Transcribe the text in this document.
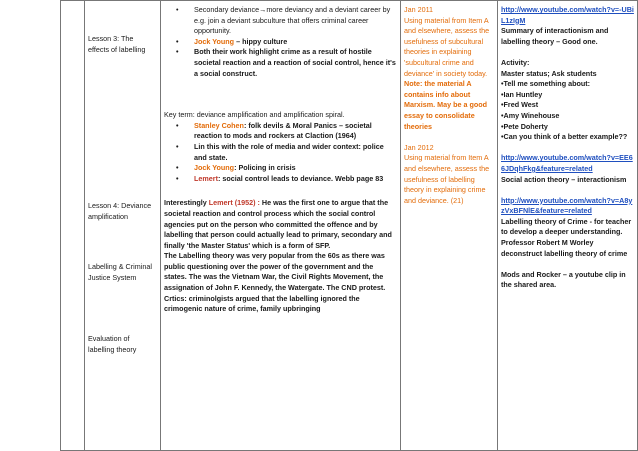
Lesson 3: The effects of labelling
Lesson 4: Deviance amplification
Labelling & Criminal Justice System
Evaluation of labelling theory
• Secondary deviance→more deviancy and a deviant career by e.g. join a deviant subculture that offers criminal career opportunity.
• Jock Young – hippy culture
• Both their work highlight crime as a result of hostile societal reaction and a reaction of social control, hence it's a social construct.

Key term: deviance amplification and amplification spiral.

• Stanley Cohen: folk devils & Moral Panics – societal reaction to mods and rockers at Claction (1964)
• Lin this with the role of media and wider context: police and state.
• Jock Young: Policing in crisis
• Lemert: social control leads to deviance. Webb page 83

Interestingly Lemert (1952) : He was the first one to argue that the societal reaction and control process which the social control agencies put on the person who committed the offence and by labelling that person could actually lead to primary, secondary and finally 'the Master Status' which is a form of SFP.

The Labelling theory was very popular from the 60s as there was public questioning over the power of the government and the states. The was the Vietnam War, the Civil Rights Movement, the assignation of John F. Kennedy, the Watergate. The CND protest.

Crtics: criminolgists argued that the labelling ignored the crimogenic nature of crime, family upbringing

Jan 2011

Using material from Item A and elsewhere, assess the usefulness of subcultural theories in explaining 'subcultural crime and deviance' in society today.

Note: the material A contains info about Marxism. May be a good essay to consolidate theories

Jan 2012

Using material from Item A and elsewhere, assess the usefulness of labelling theory in explaining crime and deviance. (21)

http://www.youtube.com/watch?v=-UBiL1zIgM

Summary of interactionism and labelling theory – Good one.

Activity:

Master status; Ask students

•Tell me something about:

•Ian Huntley

•Fred West

•Amy Winehouse

•Pete Doherty

•Can you think of a better example??

http://www.youtube.com/watch?v=EE66JDqhFkg&feature=related

Social action theory – interactionism

http://www.youtube.com/watch?v=A8yzVxBFNlE&feature=related

Labelling theory of Crime - for teacher to develop a deeper understanding. Professor Robert M Worley deconstruct labelling theory of crime

Mods and Rocker – a youtube clip in the shared area.
